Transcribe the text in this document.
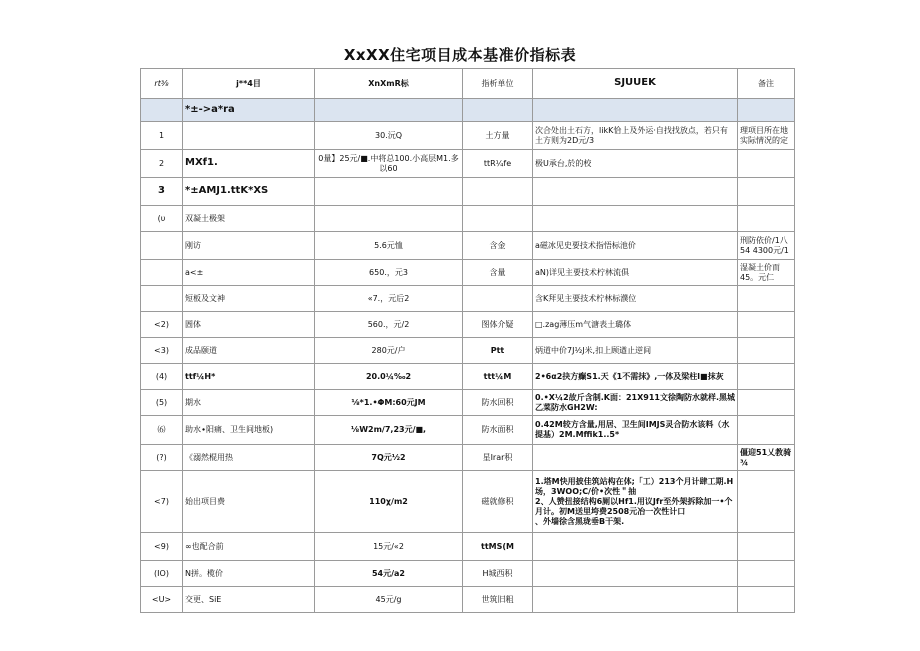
XxXX住宅项目成本基准价指标表
rt³⁄₈	j**4目	XnXmR标	指析单位	SJUUEK	备注
	*±->a*ra				
1		30.沅Q	土方量	次合处出土石方，likK恰上及外运·自找找放点，若只有土方则为2D元/3	理项目所在地实际情况的定
2	MXf1.	0量】25元/■.中将总100.小高层M1.多以60	ttR¼fe	极U承台,於的校	
3	*±AMJ1.ttK*XS				
(υ	双凝土极架				
	刚访	5.6元恤	含金	a磁冰见史要技术指悟标池价	刑防依价/1八54 4300元/1
	a<±	650.，元3	含量	aN)详见主要技术柠林流俱	湿凝土价而45。元仁
	短板及文神	«7.，元后2		含K拜见主要技术柠林标濮位	
<2)	圄体	560.，元/2	图体介疑	□.zag薄压m气溏表土璐体	
<3)	成品颐道	280元/户	Ptt	炳道中价7J½J米,扣上顾遒止逆间	
(4)	ttf¼H*	20.0¼‰2	ttt¼M	2•6α2抉方癫S1.天《1不需抹》,一体及梁柱l■抹灰	
(5)	期水	⅛*1.•Φ̶M:60元JM	防水回积	0.•X¼2故斤含制.K面：21X911文徐陶防水就样.黑城乙菜防水GH2W:	
⑹	助水∙阳痛、卫生间地板)	⅛W2m/7,23元/■,	防水面积	0.42M较方含量,用居、卫生间IMJS灵合防水该料（水提基）2M.Mffik1..5*	
(?)	《溺然棍用热	7Q元½2	星Irar积		僵迎51乂教骑¾
<7)	始出项目费	110χ/m2	磁就修积	1.塔M快用披佳筑站构在体;「工）213个月计肆工期.H场，3WOO;C/价•次性＂抽
2、人赞扭接结构6厕以Hf1.用议Jfr至外架拆除加一•个月计。初M送里垮费2508元冶一次性计口
、外墙徐含黑珑垂B干架.	
<9)	∞也配合前	15元/«2	ttMS(M		
(IO)	N拼。榄价	54元/a2	H城西积		
<U>	交更、SiE	45元/g	世筑旧粗		
